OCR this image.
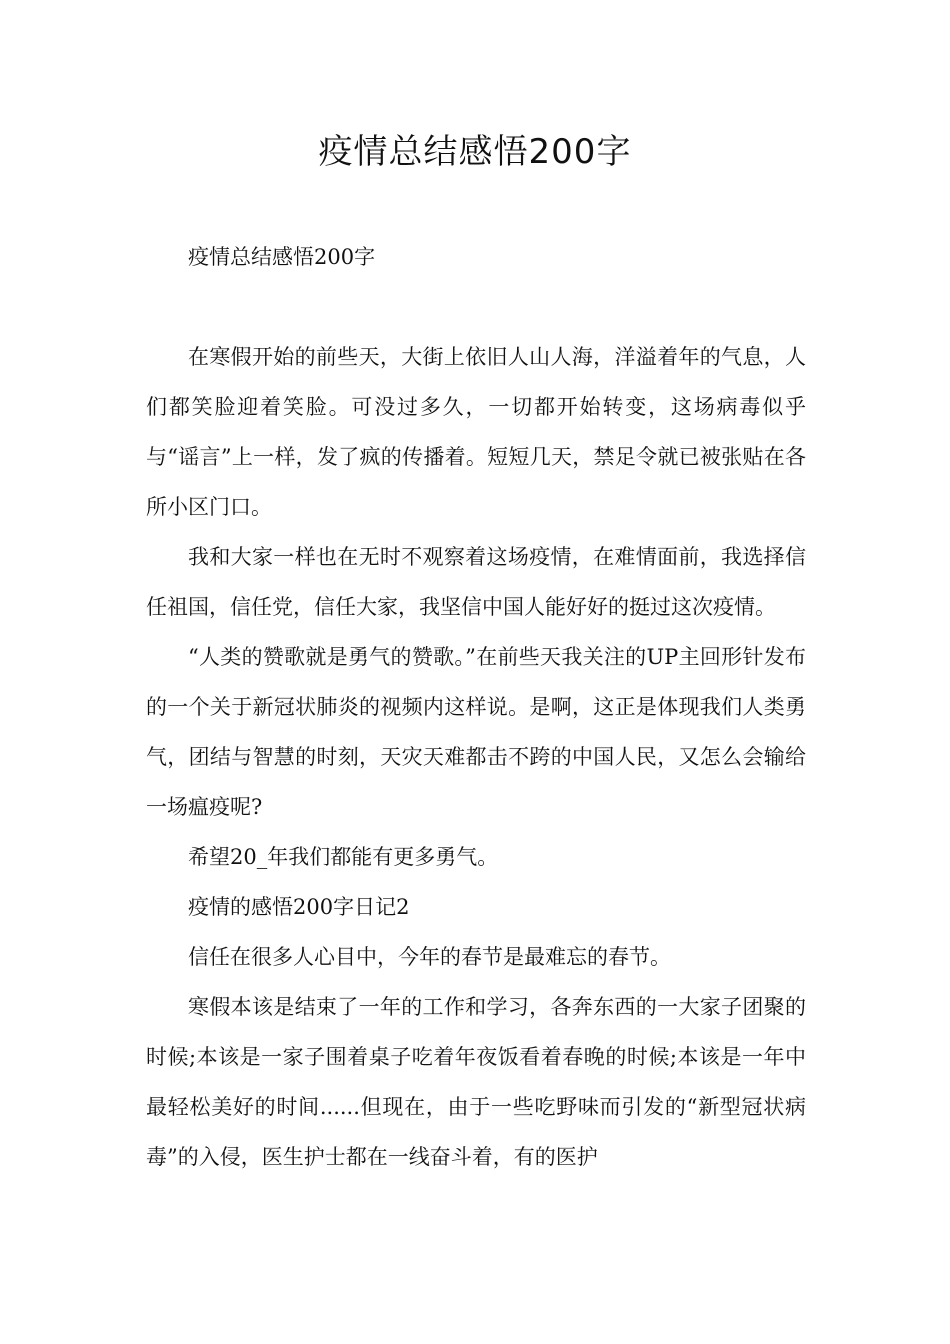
疫情总结感悟200字

疫情总结感悟200字

在寒假开始的前些天，大街上依旧人山人海，洋溢着年的气息，人们都笑脸迎着笑脸。可没过多久，一切都开始转变，这场病毒似乎与“谣言”上一样，发了疯的传播着。短短几天，禁足令就已被张贴在各所小区门口。

我和大家一样也在无时不观察着这场疫情，在难情面前，我选择信任祖国，信任党，信任大家，我坚信中国人能好好的挺过这次疫情。

“人类的赞歌就是勇气的赞歌。”在前些天我关注的UP主回形针发布的一个关于新冠状肺炎的视频内这样说。是啊，这正是体现我们人类勇气，团结与智慧的时刻，天灾天难都击不跨的中国人民，又怎么会输给一场瘟疫呢?

希望20_年我们都能有更多勇气。

疫情的感悟200字日记2

信任在很多人心目中，今年的春节是最难忘的春节。

寒假本该是结束了一年的工作和学习，各奔东西的一大家子团聚的时候;本该是一家子围着桌子吃着年夜饭看着春晚的时候;本该是一年中最轻松美好的时间......但现在，由于一些吃野味而引发的“新型冠状病毒”的入侵，医生护士都在一线奋斗着，有的医护
